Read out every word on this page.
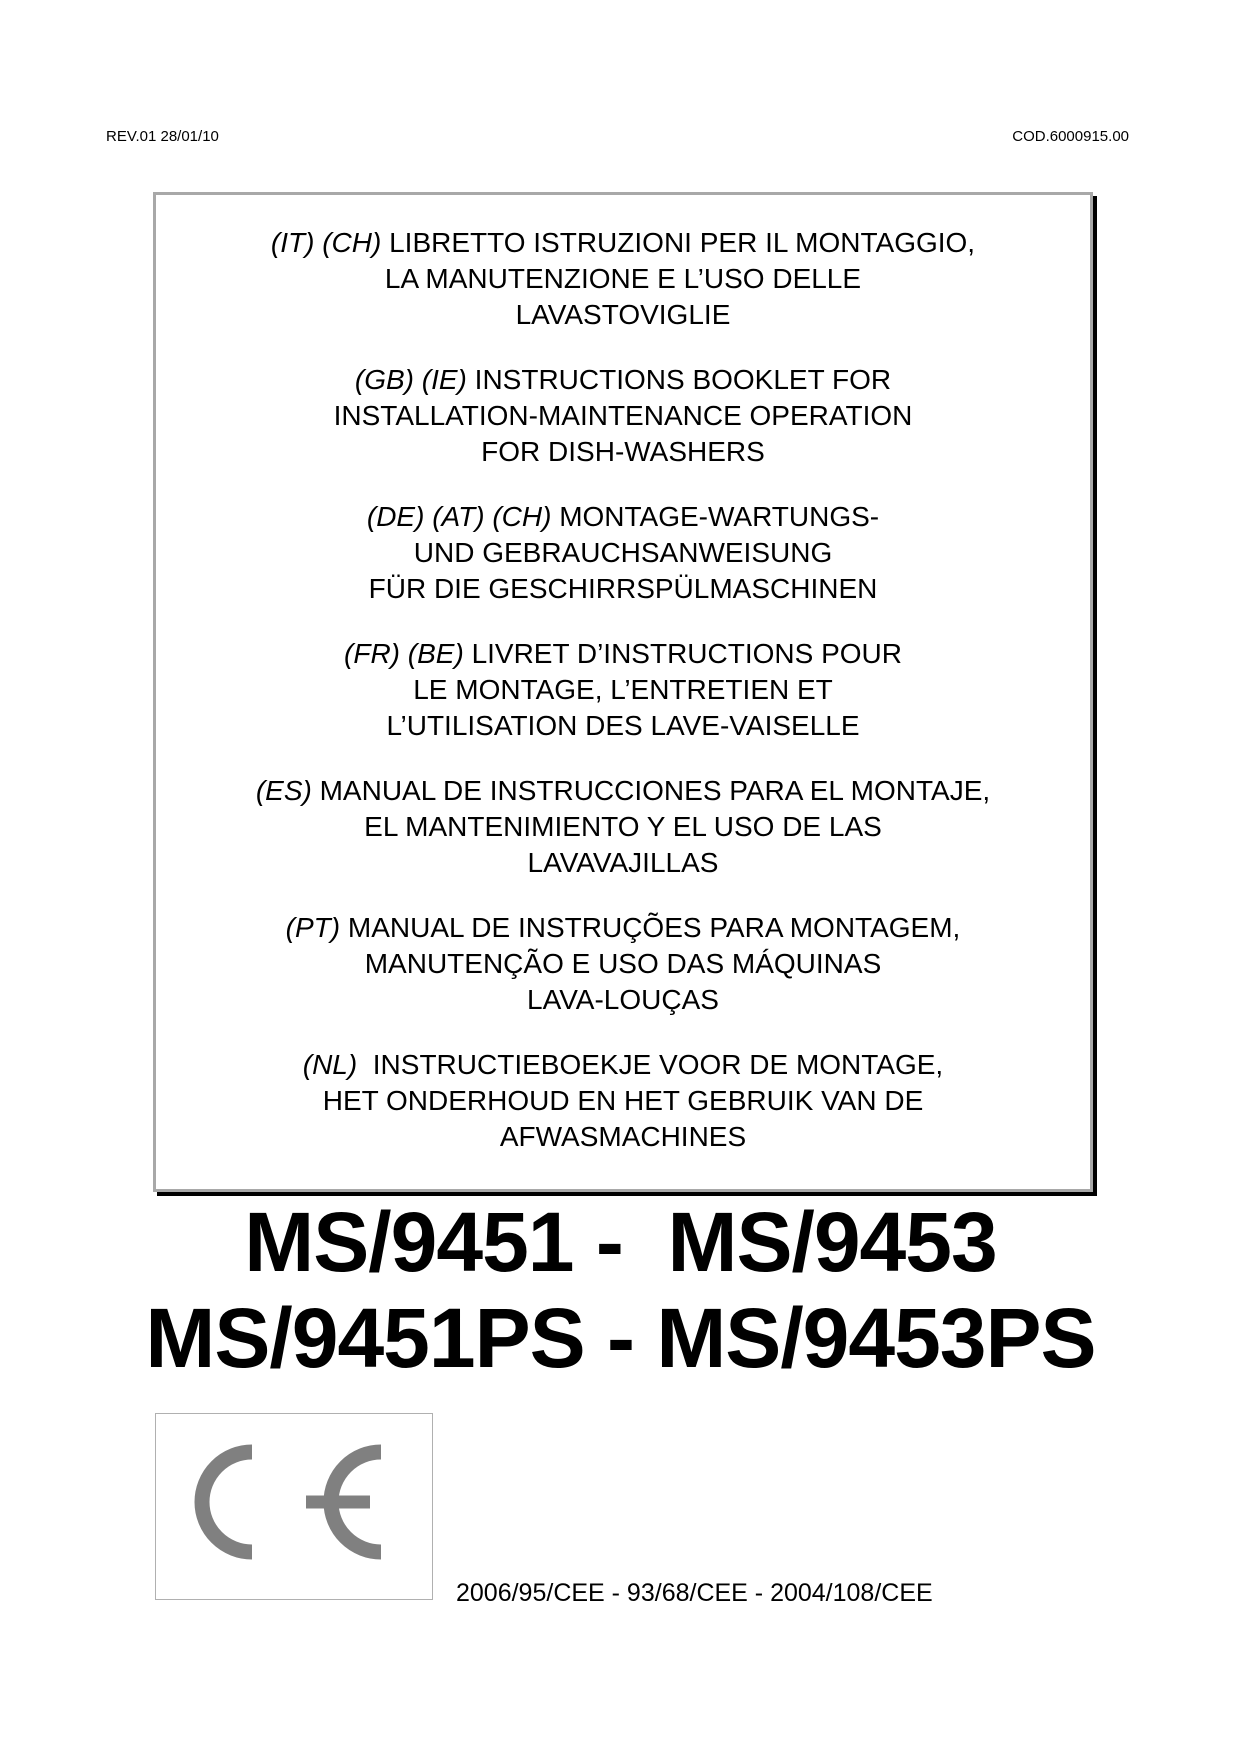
REV.01 28/01/10	COD.6000915.00
(IT) (CH) LIBRETTO ISTRUZIONI PER IL MONTAGGIO,
LA MANUTENZIONE E L’USO DELLE
LAVASTOVIGLIE
(GB) (IE) INSTRUCTIONS BOOKLET FOR
INSTALLATION-MAINTENANCE OPERATION
FOR DISH-WASHERS
(DE) (AT) (CH) MONTAGE-WARTUNGS-
UND GEBRAUCHSANWEISUNG
FÜR DIE GESCHIRRSPÜLMASCHINEN
(FR) (BE) LIVRET D’INSTRUCTIONS POUR
LE MONTAGE, L’ENTRETIEN ET
L’UTILISATION DES LAVE-VAISELLE
(ES) MANUAL DE INSTRUCCIONES PARA EL MONTAJE,
EL MANTENIMIENTO Y EL USO DE LAS
LAVAVAJILLAS
(PT) MANUAL DE INSTRUÇÕES PARA MONTAGEM,
MANUTENÇÃO E USO DAS MÁQUINAS
LAVA-LOUÇAS
(NL) INSTRUCTIEBOEKJE VOOR DE MONTAGE,
HET ONDERHOUD EN HET GEBRUIK VAN DE
AFWASMACHINES
MS/9451 -  MS/9453
MS/9451PS - MS/9453PS
2006/95/CEE - 93/68/CEE - 2004/108/CEE
